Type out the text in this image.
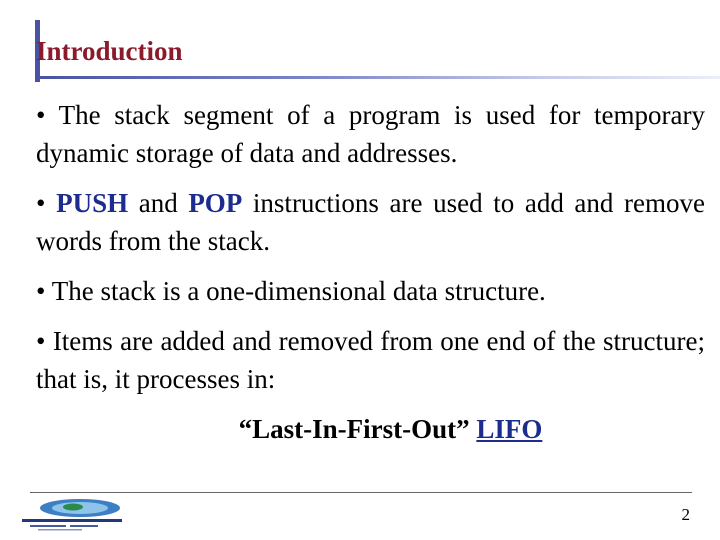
Introduction

• The stack segment of a program is used for temporary dynamic storage of data and addresses.

• PUSH and POP instructions are used to add and remove words from the stack.

• The stack is a one-dimensional data structure.

• Items are added and removed from one end of the structure; that is, it processes in:

“Last-In-First-Out” LIFO
2
